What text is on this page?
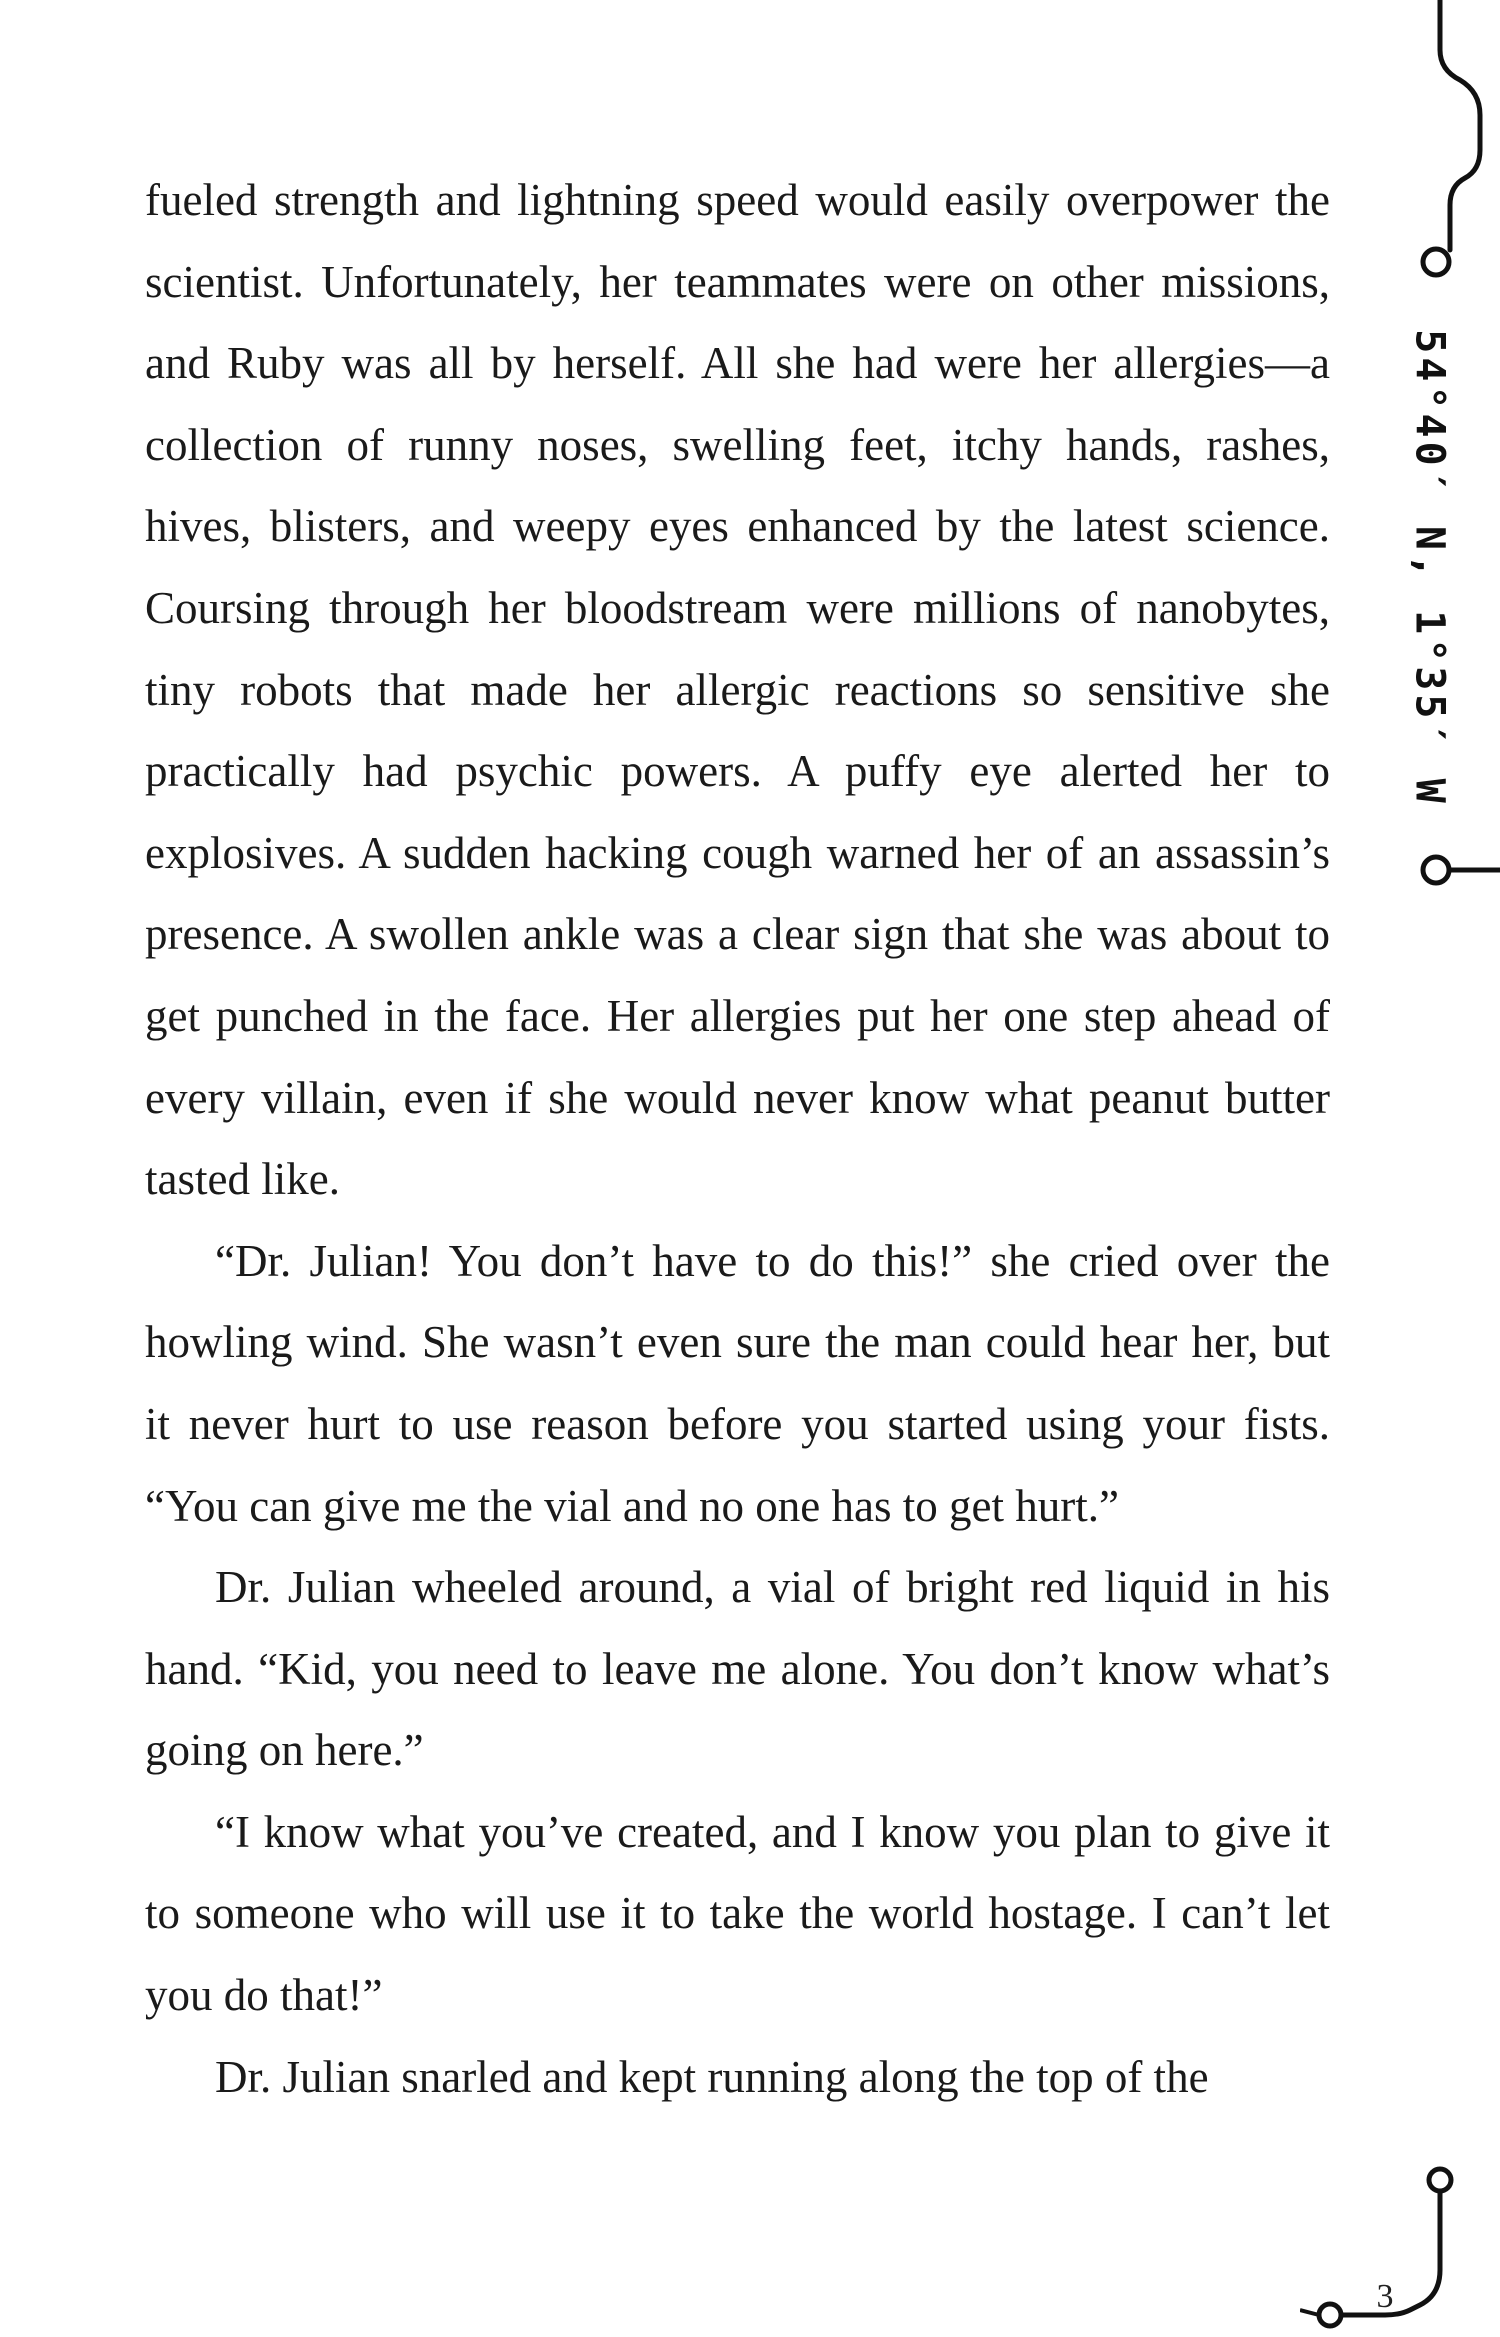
54°40′ N, 1°35′ W

fueled strength and lightning speed would easily overpower the scientist. Unfortunately, her teammates were on other missions, and Ruby was all by herself. All she had were her allergies—a collection of runny noses, swelling feet, itchy hands, rashes, hives, blisters, and weepy eyes enhanced by the latest science. Coursing through her bloodstream were millions of nanobytes, tiny robots that made her allergic reactions so sensitive she practically had psychic powers. A puffy eye alerted her to explosives. A sudden hacking cough warned her of an assassin’s presence. A swollen ankle was a clear sign that she was about to get punched in the face. Her allergies put her one step ahead of every villain, even if she would never know what peanut butter tasted like.

“Dr. Julian! You don’t have to do this!” she cried over the howling wind. She wasn’t even sure the man could hear her, but it never hurt to use reason before you started using your fists. “You can give me the vial and no one has to get hurt.”

Dr. Julian wheeled around, a vial of bright red liquid in his hand. “Kid, you need to leave me alone. You don’t know what’s going on here.”

“I know what you’ve created, and I know you plan to give it to someone who will use it to take the world hostage. I can’t let you do that!”

Dr. Julian snarled and kept running along the top of the

3
